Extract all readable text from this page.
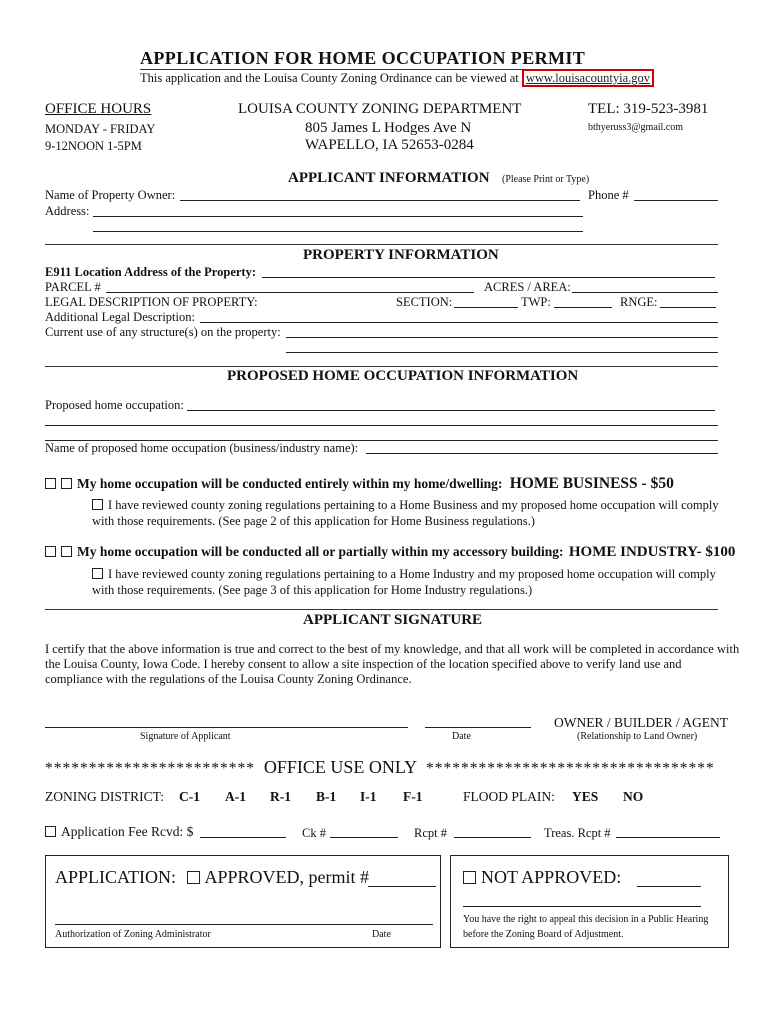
APPLICATION FOR HOME OCCUPATION PERMIT
This application and the Louisa County Zoning Ordinance can be viewed at www.louisacountyia.gov
OFFICE HOURS
MONDAY - FRIDAY
9-12NOON 1-5PM
LOUISA COUNTY ZONING DEPARTMENT
805 James L Hodges Ave N
WAPELLO, IA 52653-0284
TEL: 319-523-3981
bthyeruss3@gmail.com
APPLICANT INFORMATION (Please Print or Type)
Name of Property Owner:	Phone #
Address:
PROPERTY INFORMATION
E911 Location Address of the Property:
PARCEL #	ACRES / AREA:
LEGAL DESCRIPTION OF PROPERTY:	SECTION:	TWP:	RNGE:
Additional Legal Description:
Current use of any structure(s) on the property:
PROPOSED HOME OCCUPATION INFORMATION
Proposed home occupation:
Name of proposed home occupation (business/industry name):
My home occupation will be conducted entirely within my home/dwelling: HOME BUSINESS - $50
I have reviewed county zoning regulations pertaining to a Home Business and my proposed home occupation will comply
with those requirements. (See page 2 of this application for Home Business regulations.)
My home occupation will be conducted all or partially within my accessory building: HOME INDUSTRY- $100
I have reviewed county zoning regulations pertaining to a Home Industry and my proposed home occupation will comply
with those requirements. (See page 3 of this application for Home Industry regulations.)
APPLICANT SIGNATURE
I certify that the above information is true and correct to the best of my knowledge, and that all work will be completed in accordance with
the Louisa County, Iowa Code. I hereby consent to allow a site inspection of the location specified above to verify land use and
compliance with the regulations of the Louisa County Zoning Ordinance.
OWNER / BUILDER / AGENT
Signature of Applicant	Date	(Relationship to Land Owner)
************************ OFFICE USE ONLY *********************************
ZONING DISTRICT: C-1 A-1 R-1 B-1 I-1 F-1	FLOOD PLAIN: YES NO
Application Fee Rcvd: $	Ck #	Rcpt #	Treas. Rcpt #
APPLICATION: APPROVED, permit #	NOT APPROVED:
Authorization of Zoning Administrator	Date
You have the right to appeal this decision in a Public Hearing
before the Zoning Board of Adjustment.
